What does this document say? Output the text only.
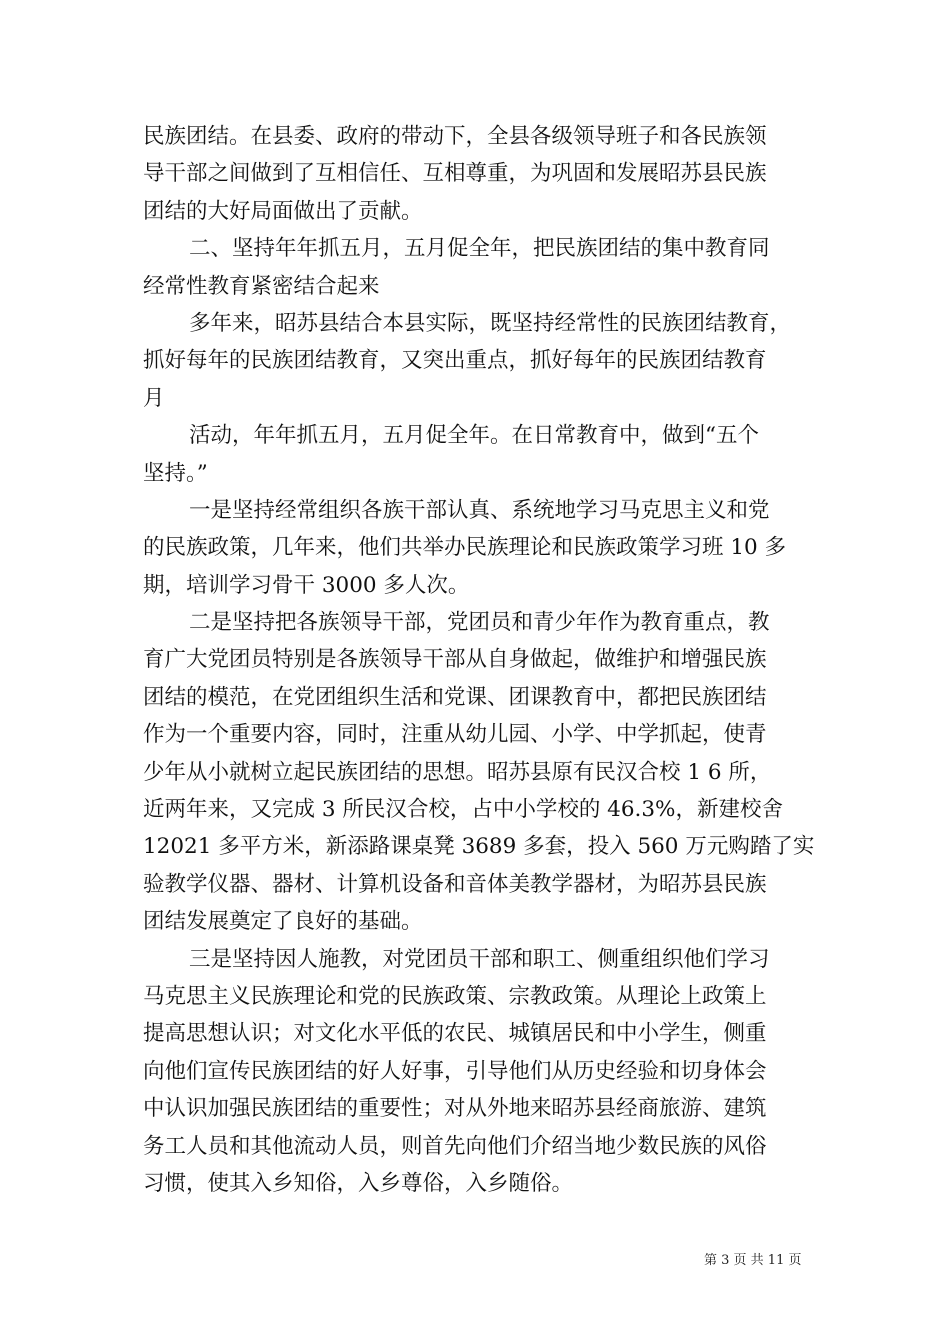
民族团结。在县委、政府的带动下，全县各级领导班子和各民族领
导干部之间做到了互相信任、互相尊重，为巩固和发展昭苏县民族
团结的大好局面做出了贡献。
二、坚持年年抓五月，五月促全年，把民族团结的集中教育同
经常性教育紧密结合起来
多年来，昭苏县结合本县实际，既坚持经常性的民族团结教育，
抓好每年的民族团结教育，又突出重点，抓好每年的民族团结教育
月
活动，年年抓五月，五月促全年。在日常教育中，做到“五个
坚持。”
一是坚持经常组织各族干部认真、系统地学习马克思主义和党
的民族政策，几年来，他们共举办民族理论和民族政策学习班 10 多
期，培训学习骨干 3000 多人次。
二是坚持把各族领导干部，党团员和青少年作为教育重点，教
育广大党团员特别是各族领导干部从自身做起，做维护和增强民族
团结的模范，在党团组织生活和党课、团课教育中，都把民族团结
作为一个重要内容，同时，注重从幼儿园、小学、中学抓起，使青
少年从小就树立起民族团结的思想。昭苏县原有民汉合校 1 6 所，
近两年来，又完成 3 所民汉合校，占中小学校的 46.3%，新建校舍
12021 多平方米，新添路课桌凳 3689 多套，投入 560 万元购踏了实
验教学仪器、器材、计算机设备和音体美教学器材，为昭苏县民族
团结发展奠定了良好的基础。
三是坚持因人施教，对党团员干部和职工、侧重组织他们学习
马克思主义民族理论和党的民族政策、宗教政策。从理论上政策上
提高思想认识；对文化水平低的农民、城镇居民和中小学生，侧重
向他们宣传民族团结的好人好事，引导他们从历史经验和切身体会
中认识加强民族团结的重要性；对从外地来昭苏县经商旅游、建筑
务工人员和其他流动人员，则首先向他们介绍当地少数民族的风俗
习惯，使其入乡知俗，入乡尊俗，入乡随俗。
第 3 页 共 11 页
